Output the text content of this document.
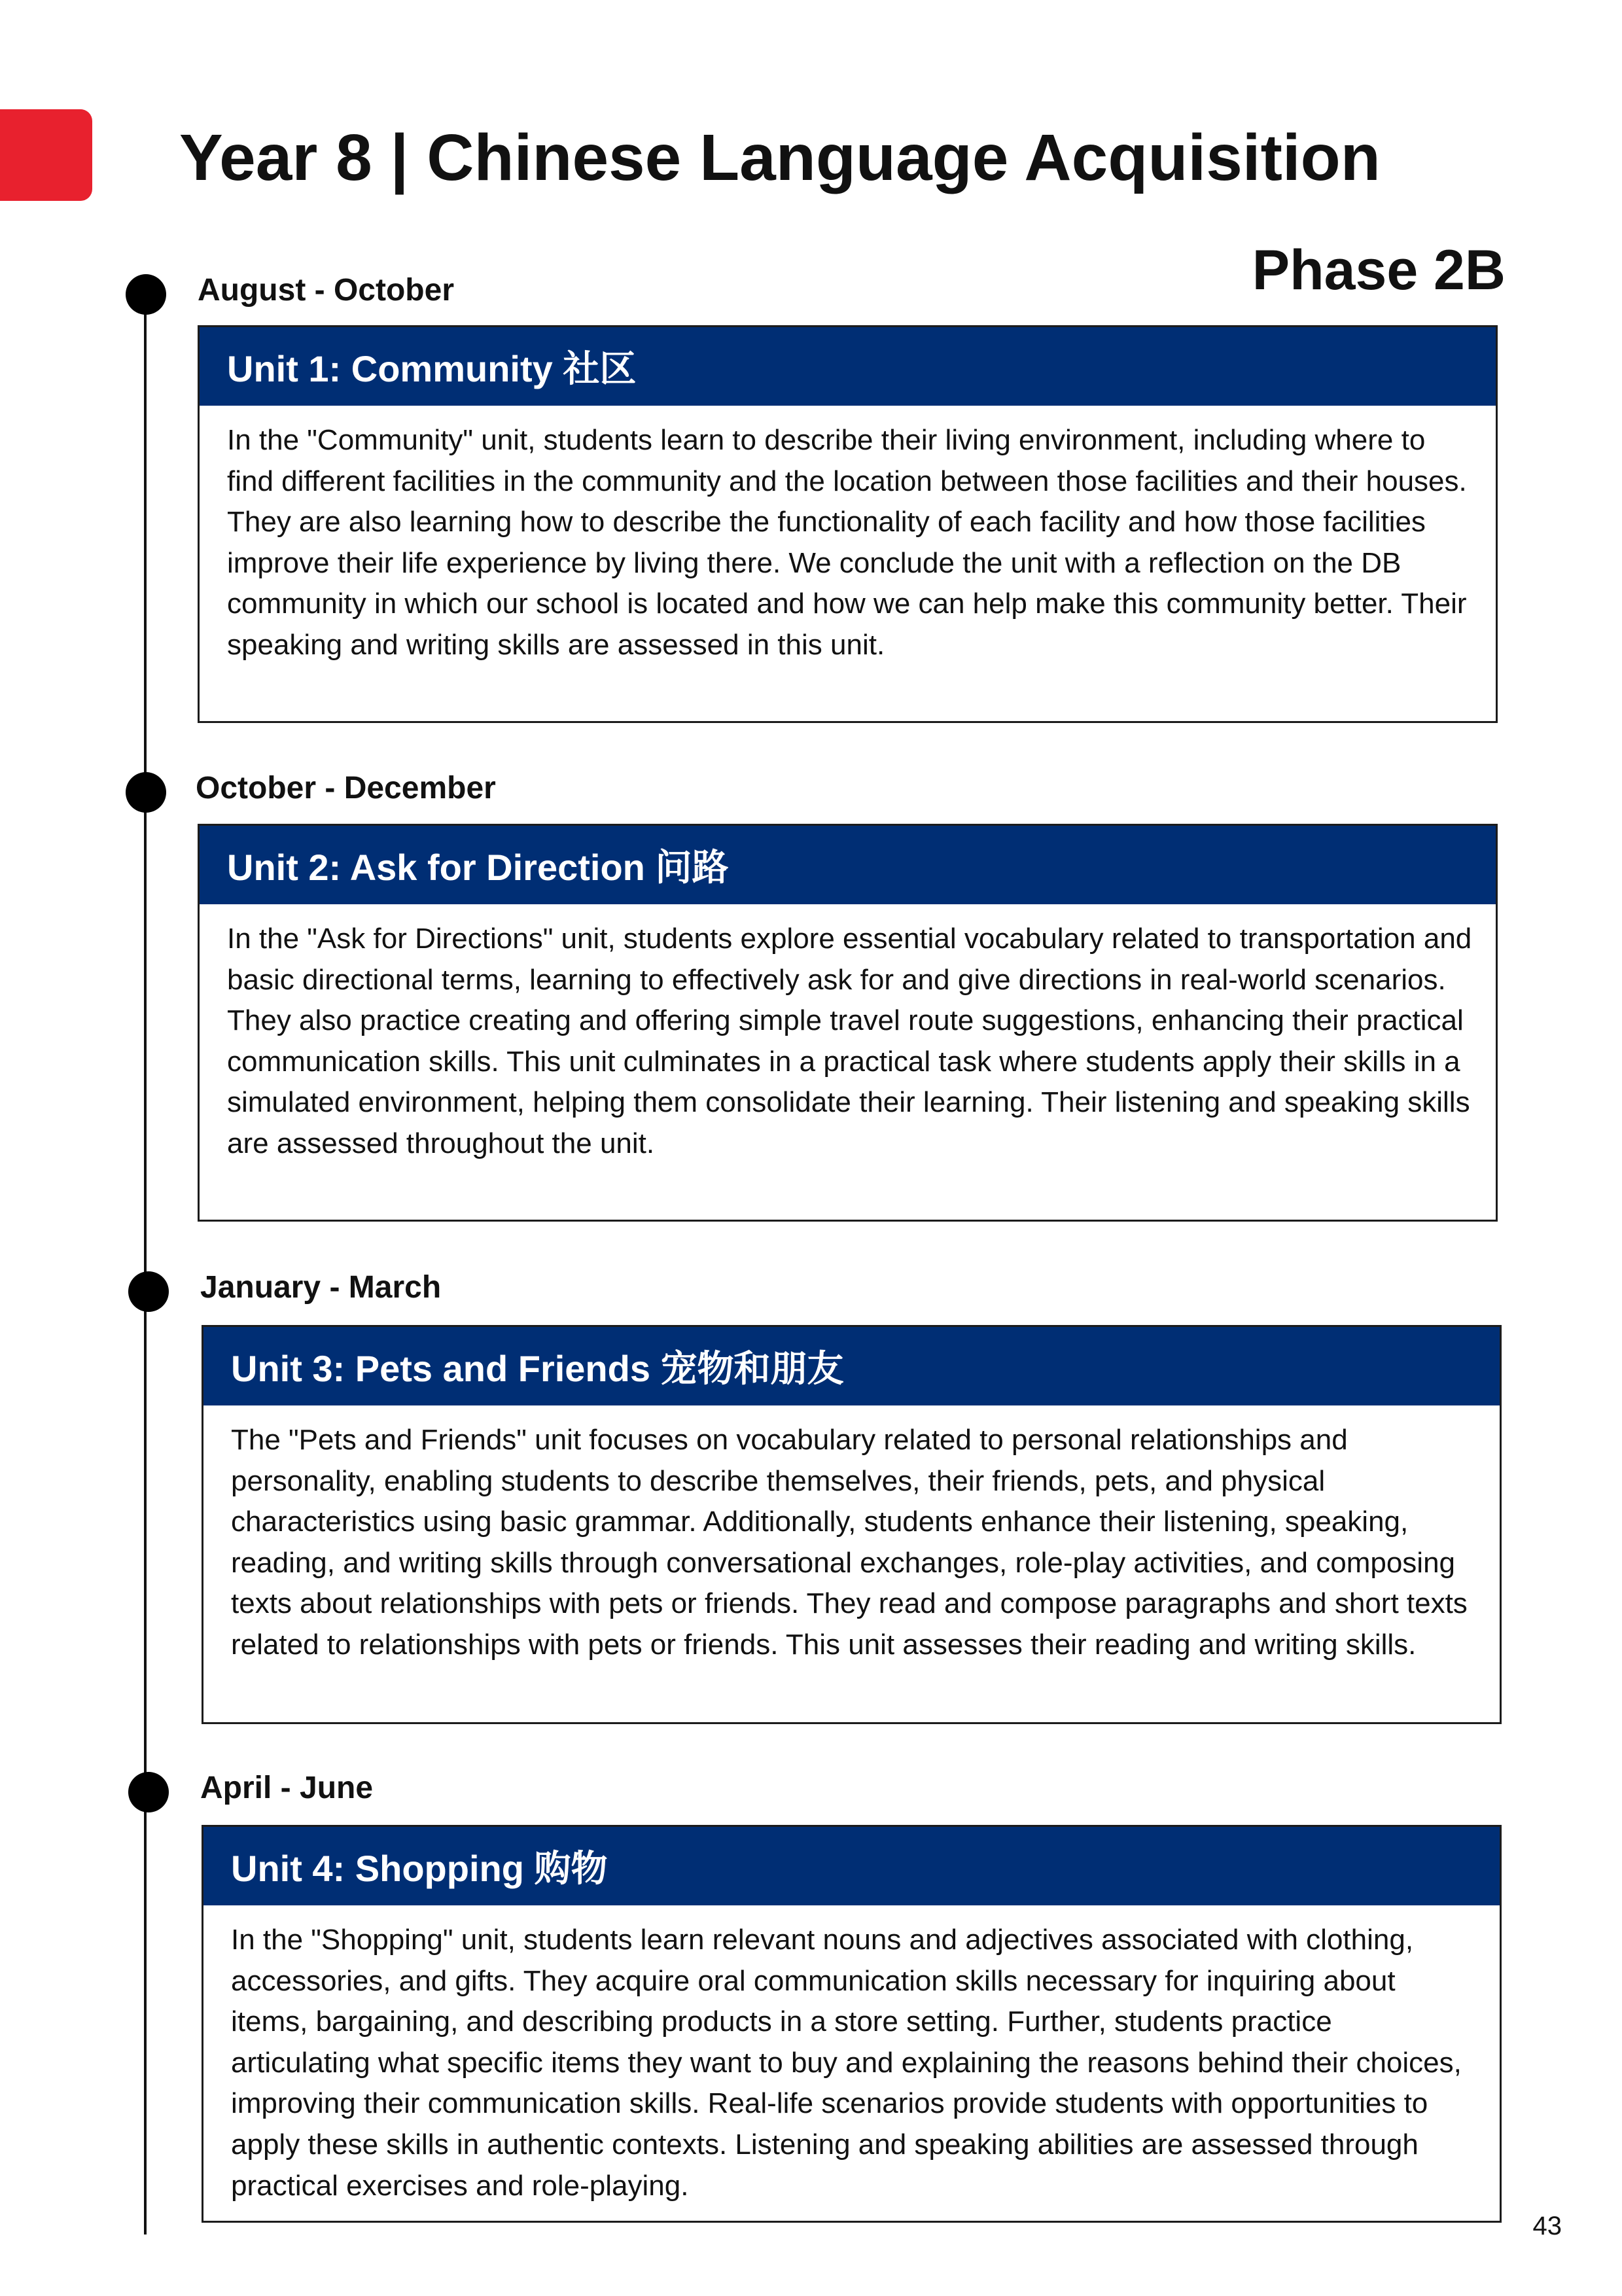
Year 8 | Chinese Language Acquisition
Phase 2B
August - October
Unit 1: Community 社区
In the "Community" unit, students learn to describe their living environment, including where to find different facilities in the community and the location between those facilities and their houses. They are also learning how to describe the functionality of each facility and how those facilities improve their life experience by living there. We conclude the unit with a reflection on the DB community in which our school is located and how we can help make this community better. Their speaking and writing skills are assessed in this unit.
October - December
Unit 2: Ask for Direction 问路
In the "Ask for Directions" unit, students explore essential vocabulary related to transportation and basic directional terms, learning to effectively ask for and give directions in real-world scenarios. They also practice creating and offering simple travel route suggestions, enhancing their practical communication skills. This unit culminates in a practical task where students apply their skills in a simulated environment, helping them consolidate their learning. Their listening and speaking skills are assessed throughout the unit.
January - March
Unit 3: Pets and Friends 宠物和朋友
The "Pets and Friends" unit focuses on vocabulary related to personal relationships and personality, enabling students to describe themselves, their friends, pets, and physical characteristics using basic grammar. Additionally, students enhance their listening, speaking, reading, and writing skills through conversational exchanges, role-play activities, and composing texts about relationships with pets or friends. They read and compose paragraphs and short texts related to relationships with pets or friends. This unit assesses their reading and writing skills.
April - June
Unit 4: Shopping 购物
In the "Shopping" unit, students learn relevant nouns and adjectives associated with clothing, accessories, and gifts. They acquire oral communication skills necessary for inquiring about items, bargaining, and describing products in a store setting. Further, students practice articulating what specific items they want to buy and explaining the reasons behind their choices, improving their communication skills. Real-life scenarios provide students with opportunities to apply these skills in authentic contexts. Listening and speaking abilities are assessed through practical exercises and role-playing.
43
